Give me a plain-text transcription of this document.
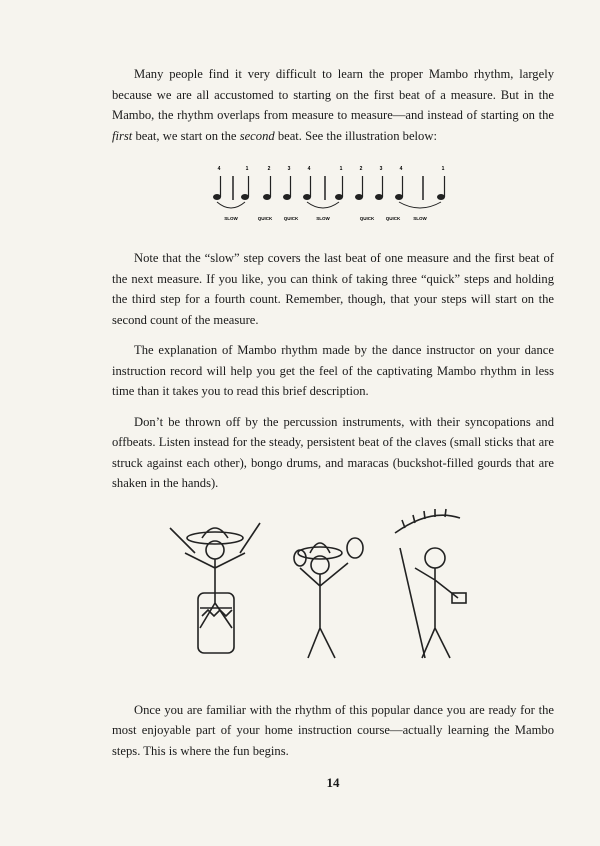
Many people find it very difficult to learn the proper Mambo rhythm, largely because we are all accustomed to starting on the first beat of a measure. But in the Mambo, the rhythm overlaps from measure to measure—and instead of starting on the first beat, we start on the second beat. See the illustration below:

4	1	2	3	4	1	2	3	4	1
SLOW	QUICK	QUICK	SLOW	QUICK	QUICK	SLOW

Note that the “slow” step covers the last beat of one measure and the first beat of the next measure. If you like, you can think of taking three “quick” steps and holding the third step for a fourth count. Remember, though, that your steps will start on the second count of the measure.

The explanation of Mambo rhythm made by the dance instructor on your dance instruction record will help you get the feel of the captivating Mambo rhythm in less time than it takes you to read this brief description.

Don’t be thrown off by the percussion instruments, with their syncopations and offbeats. Listen instead for the steady, persistent beat of the claves (small sticks that are struck against each other), bongo drums, and maracas (buckshot-filled gourds that are shaken in the hands).

Once you are familiar with the rhythm of this popular dance you are ready for the most enjoyable part of your home instruction course—actually learning the Mambo steps. This is where the fun begins.

14
